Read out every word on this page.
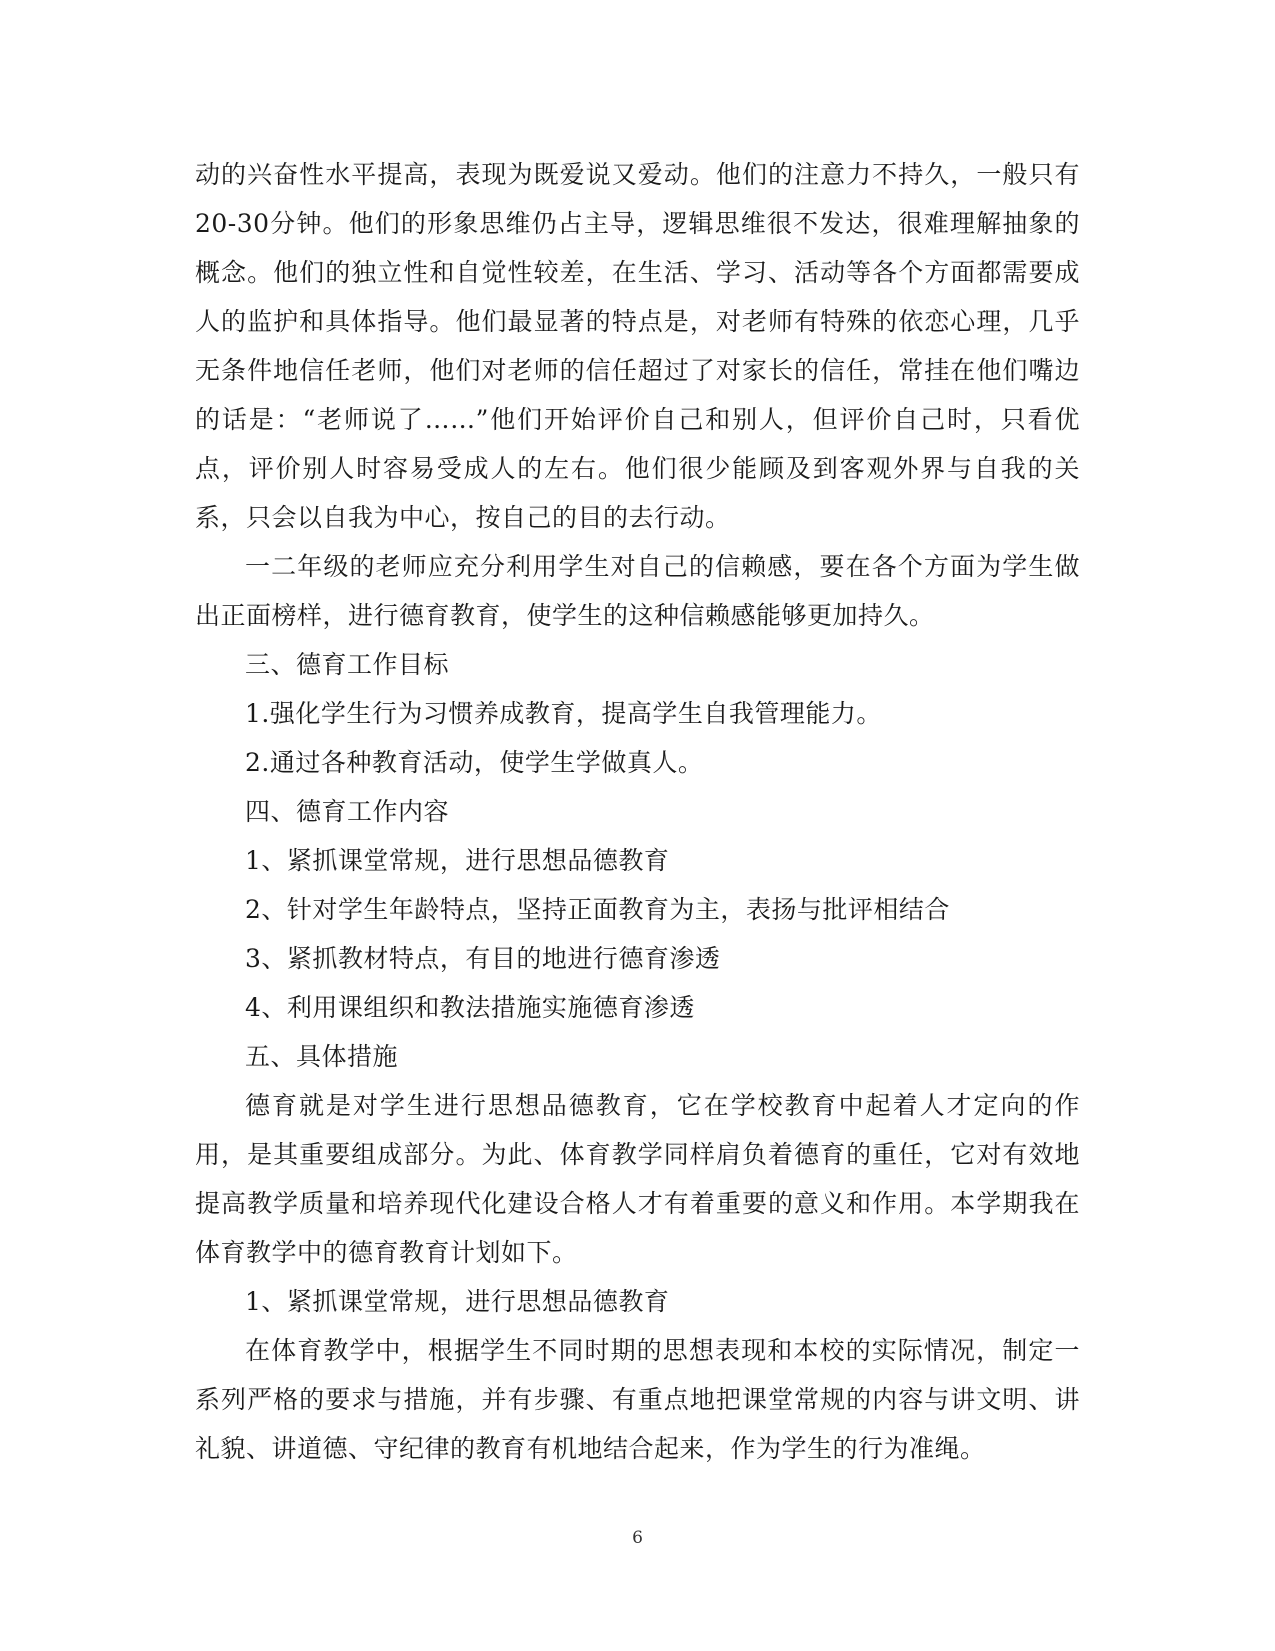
动的兴奋性水平提高，表现为既爱说又爱动。他们的注意力不持久，一般只有20-30分钟。他们的形象思维仍占主导，逻辑思维很不发达，很难理解抽象的概念。他们的独立性和自觉性较差，在生活、学习、活动等各个方面都需要成人的监护和具体指导。他们最显著的特点是，对老师有特殊的依恋心理，几乎无条件地信任老师，他们对老师的信任超过了对家长的信任，常挂在他们嘴边的话是：“老师说了……”他们开始评价自己和别人，但评价自己时，只看优点，评价别人时容易受成人的左右。他们很少能顾及到客观外界与自我的关系，只会以自我为中心，按自己的目的去行动。

一二年级的老师应充分利用学生对自己的信赖感，要在各个方面为学生做出正面榜样，进行德育教育，使学生的这种信赖感能够更加持久。

三、德育工作目标

1.强化学生行为习惯养成教育，提高学生自我管理能力。

2.通过各种教育活动，使学生学做真人。

四、德育工作内容

1、紧抓课堂常规，进行思想品德教育

2、针对学生年龄特点，坚持正面教育为主，表扬与批评相结合

3、紧抓教材特点，有目的地进行德育渗透

4、利用课组织和教法措施实施德育渗透

五、具体措施

德育就是对学生进行思想品德教育，它在学校教育中起着人才定向的作用，是其重要组成部分。为此、体育教学同样肩负着德育的重任，它对有效地提高教学质量和培养现代化建设合格人才有着重要的意义和作用。本学期我在体育教学中的德育教育计划如下。

1、紧抓课堂常规，进行思想品德教育

在体育教学中，根据学生不同时期的思想表现和本校的实际情况，制定一系列严格的要求与措施，并有步骤、有重点地把课堂常规的内容与讲文明、讲礼貌、讲道德、守纪律的教育有机地结合起来，作为学生的行为准绳。

6
